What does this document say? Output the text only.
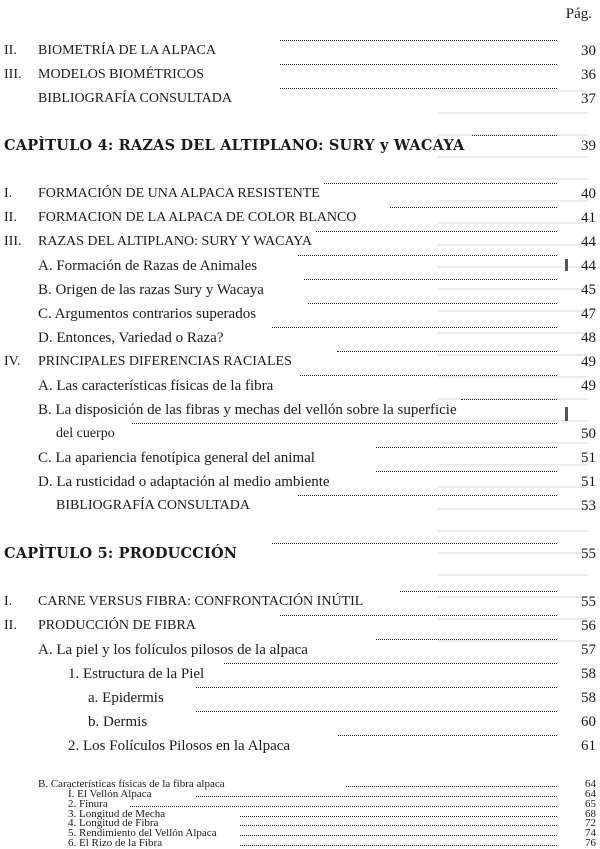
Pág.
II. BIOMETRÍA DE LA ALPACA	30
III. MODELOS BIOMÉTRICOS	36
BIBLIOGRAFÍA CONSULTADA	37
CAPÌTULO 4: RAZAS DEL ALTIPLANO: SURY y WACAYA	39
I. FORMACIÓN DE UNA ALPACA RESISTENTE	40
II. FORMACION DE LA ALPACA DE COLOR BLANCO	41
III. RAZAS DEL ALTIPLANO: SURY Y WACAYA	44
A. Formación de Razas de Animales	44
B. Origen de las razas Sury y Wacaya	45
C. Argumentos contrarios superados	47
D. Entonces, Variedad o Raza?	48
IV. PRINCIPALES DIFERENCIAS RACIALES	49
A. Las características físicas de la fibra	49
B. La disposición de las fibras y mechas del vellón sobre la superficie
del cuerpo	50
C. La apariencia fenotípica general del animal	51
D. La rusticidad o adaptación al medio ambiente	51
BIBLIOGRAFÍA CONSULTADA	53
CAPÌTULO 5: PRODUCCIÓN	55
I. CARNE VERSUS FIBRA: CONFRONTACIÓN INÚTIL	55
II. PRODUCCIÓN DE FIBRA	56
A. La piel y los folículos pilosos de la alpaca	57
1. Estructura de la Piel	58
a. Epidermis	58
b. Dermis	60
2. Los Folículos Pilosos en la Alpaca	61
B. Características físicas de la fibra alpaca	64
Ì. El Vellón Alpaca	64
2. Finura	65
3. Longitud de Mecha	68
4. Longitud de Fibra	72
5. Rendimiento del Vellón Alpaca	74
6. El Rizo de la Fibra	76
